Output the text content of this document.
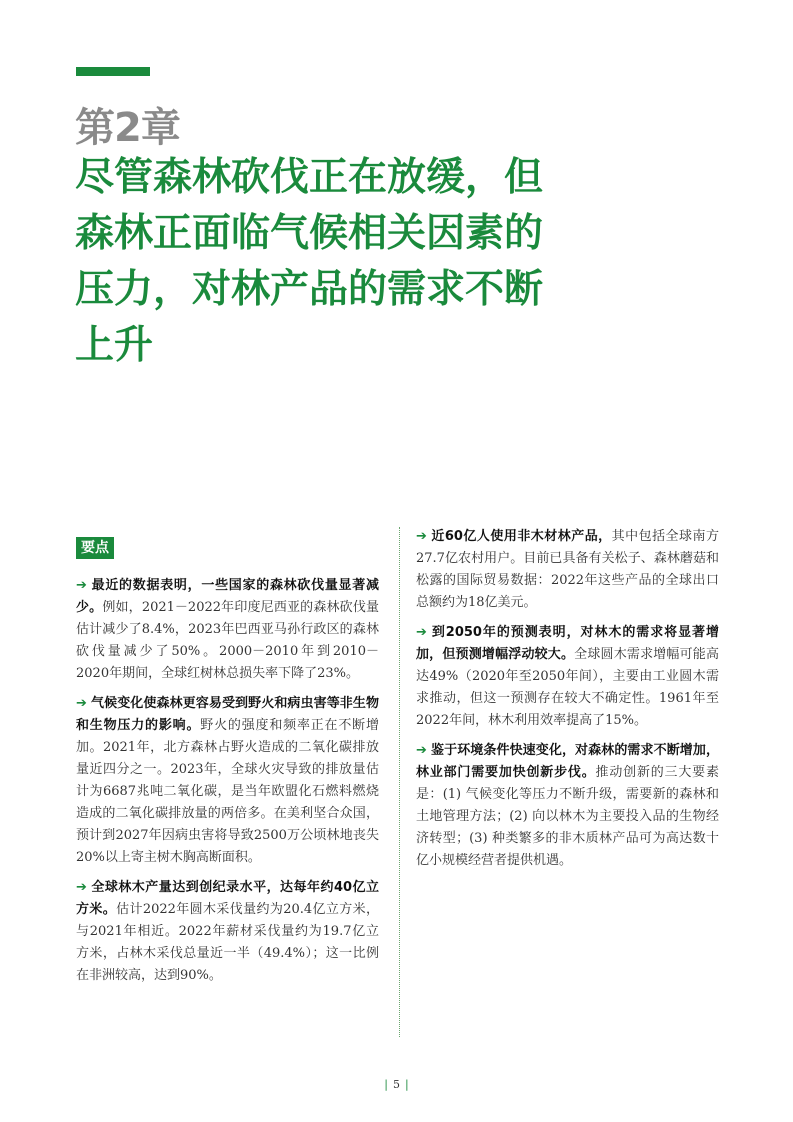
第2章
尽管森林砍伐正在放缓，但
森林正面临气候相关因素的
压力，对林产品的需求不断
上升
要点

➔ 最近的数据表明，一些国家的森林砍伐量显著减少。例如，2021－2022年印度尼西亚的森林砍伐量估计减少了8.4%，2023年巴西亚马孙行政区的森林砍伐量减少了50%。2000－2010年到2010－2020年期间，全球红树林总损失率下降了23%。

➔ 气候变化使森林更容易受到野火和病虫害等非生物和生物压力的影响。野火的强度和频率正在不断增加。2021年，北方森林占野火造成的二氧化碳排放量近四分之一。2023年，全球火灾导致的排放量估计为6687兆吨二氧化碳，是当年欧盟化石燃料燃烧造成的二氧化碳排放量的两倍多。在美利坚合众国，预计到2027年因病虫害将导致2500万公顷林地丧失20%以上寄主树木胸高断面积。

➔ 全球林木产量达到创纪录水平，达每年约40亿立方米。估计2022年圆木采伐量约为20.4亿立方米，与2021年相近。2022年薪材采伐量约为19.7亿立方米，占林木采伐总量近一半（49.4%）；这一比例在非洲较高，达到90%。

➔ 近60亿人使用非木材林产品，其中包括全球南方27.7亿农村用户。目前已具备有关松子、森林蘑菇和松露的国际贸易数据：2022年这些产品的全球出口总额约为18亿美元。

➔ 到2050年的预测表明，对林木的需求将显著增加，但预测增幅浮动较大。全球圆木需求增幅可能高达49%（2020年至2050年间），主要由工业圆木需求推动，但这一预测存在较大不确定性。1961年至2022年间，林木利用效率提高了15%。

➔ 鉴于环境条件快速变化，对森林的需求不断增加，林业部门需要加快创新步伐。推动创新的三大要素是：(1) 气候变化等压力不断升级，需要新的森林和土地管理方法；(2) 向以林木为主要投入品的生物经济转型；(3) 种类繁多的非木质林产品可为高达数十亿小规模经营者提供机遇。

| 5 |
